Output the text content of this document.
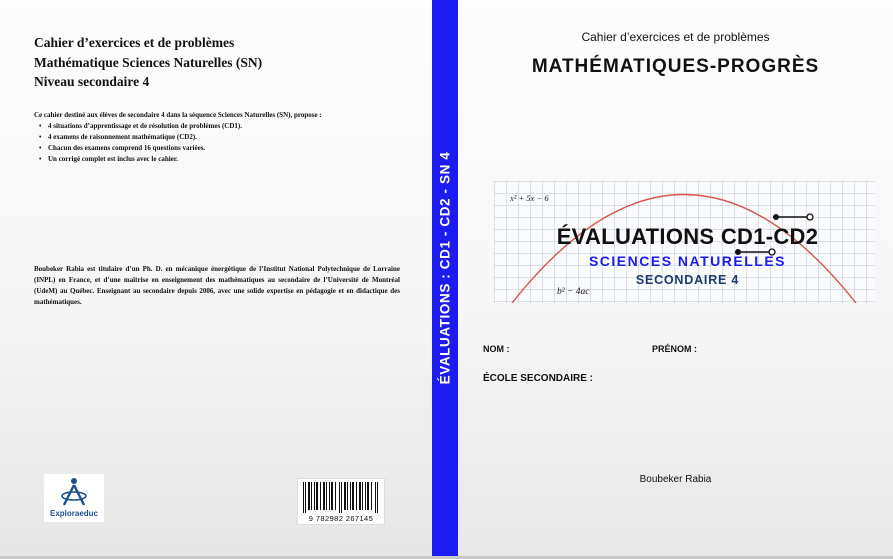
Cahier d’exercices et de problèmes
Mathématique Sciences Naturelles (SN)
Niveau secondaire 4
Ce cahier destiné aux élèves de secondaire 4 dans la séquence Sciences Naturelles (SN), propose :
• 4 situations d’apprentissage et de résolution de problèmes (CD1).
• 4 examens de raisonnement mathématique (CD2).
• Chacun des examens comprend 16 questions variées.
• Un corrigé complet est inclus avec le cahier.
Boubeker Rabia est titulaire d’un Ph. D. en mécanique énergétique de l’Institut National Polytechnique de Lorraine (INPL) en France, et d’une maîtrise en enseignement des mathématiques au secondaire de l’Université de Montréal (UdeM) au Québec. Enseignant au secondaire depuis 2006, avec une solide expertise en pédagogie et en didactique des mathématiques.
Exploraeduc
9 782982 267145
ÉVALUATIONS : CD1 - CD2 - SN 4
Cahier d’exercices et de problèmes
MATHÉMATIQUES-PROGRÈS
x² + 5x − 6
b² − 4ac
ÉVALUATIONS CD1-CD2
SCIENCES NATURELLES
SECONDAIRE 4
NOM :	PRÉNOM :
ÉCOLE SECONDAIRE :
Boubeker Rabia
